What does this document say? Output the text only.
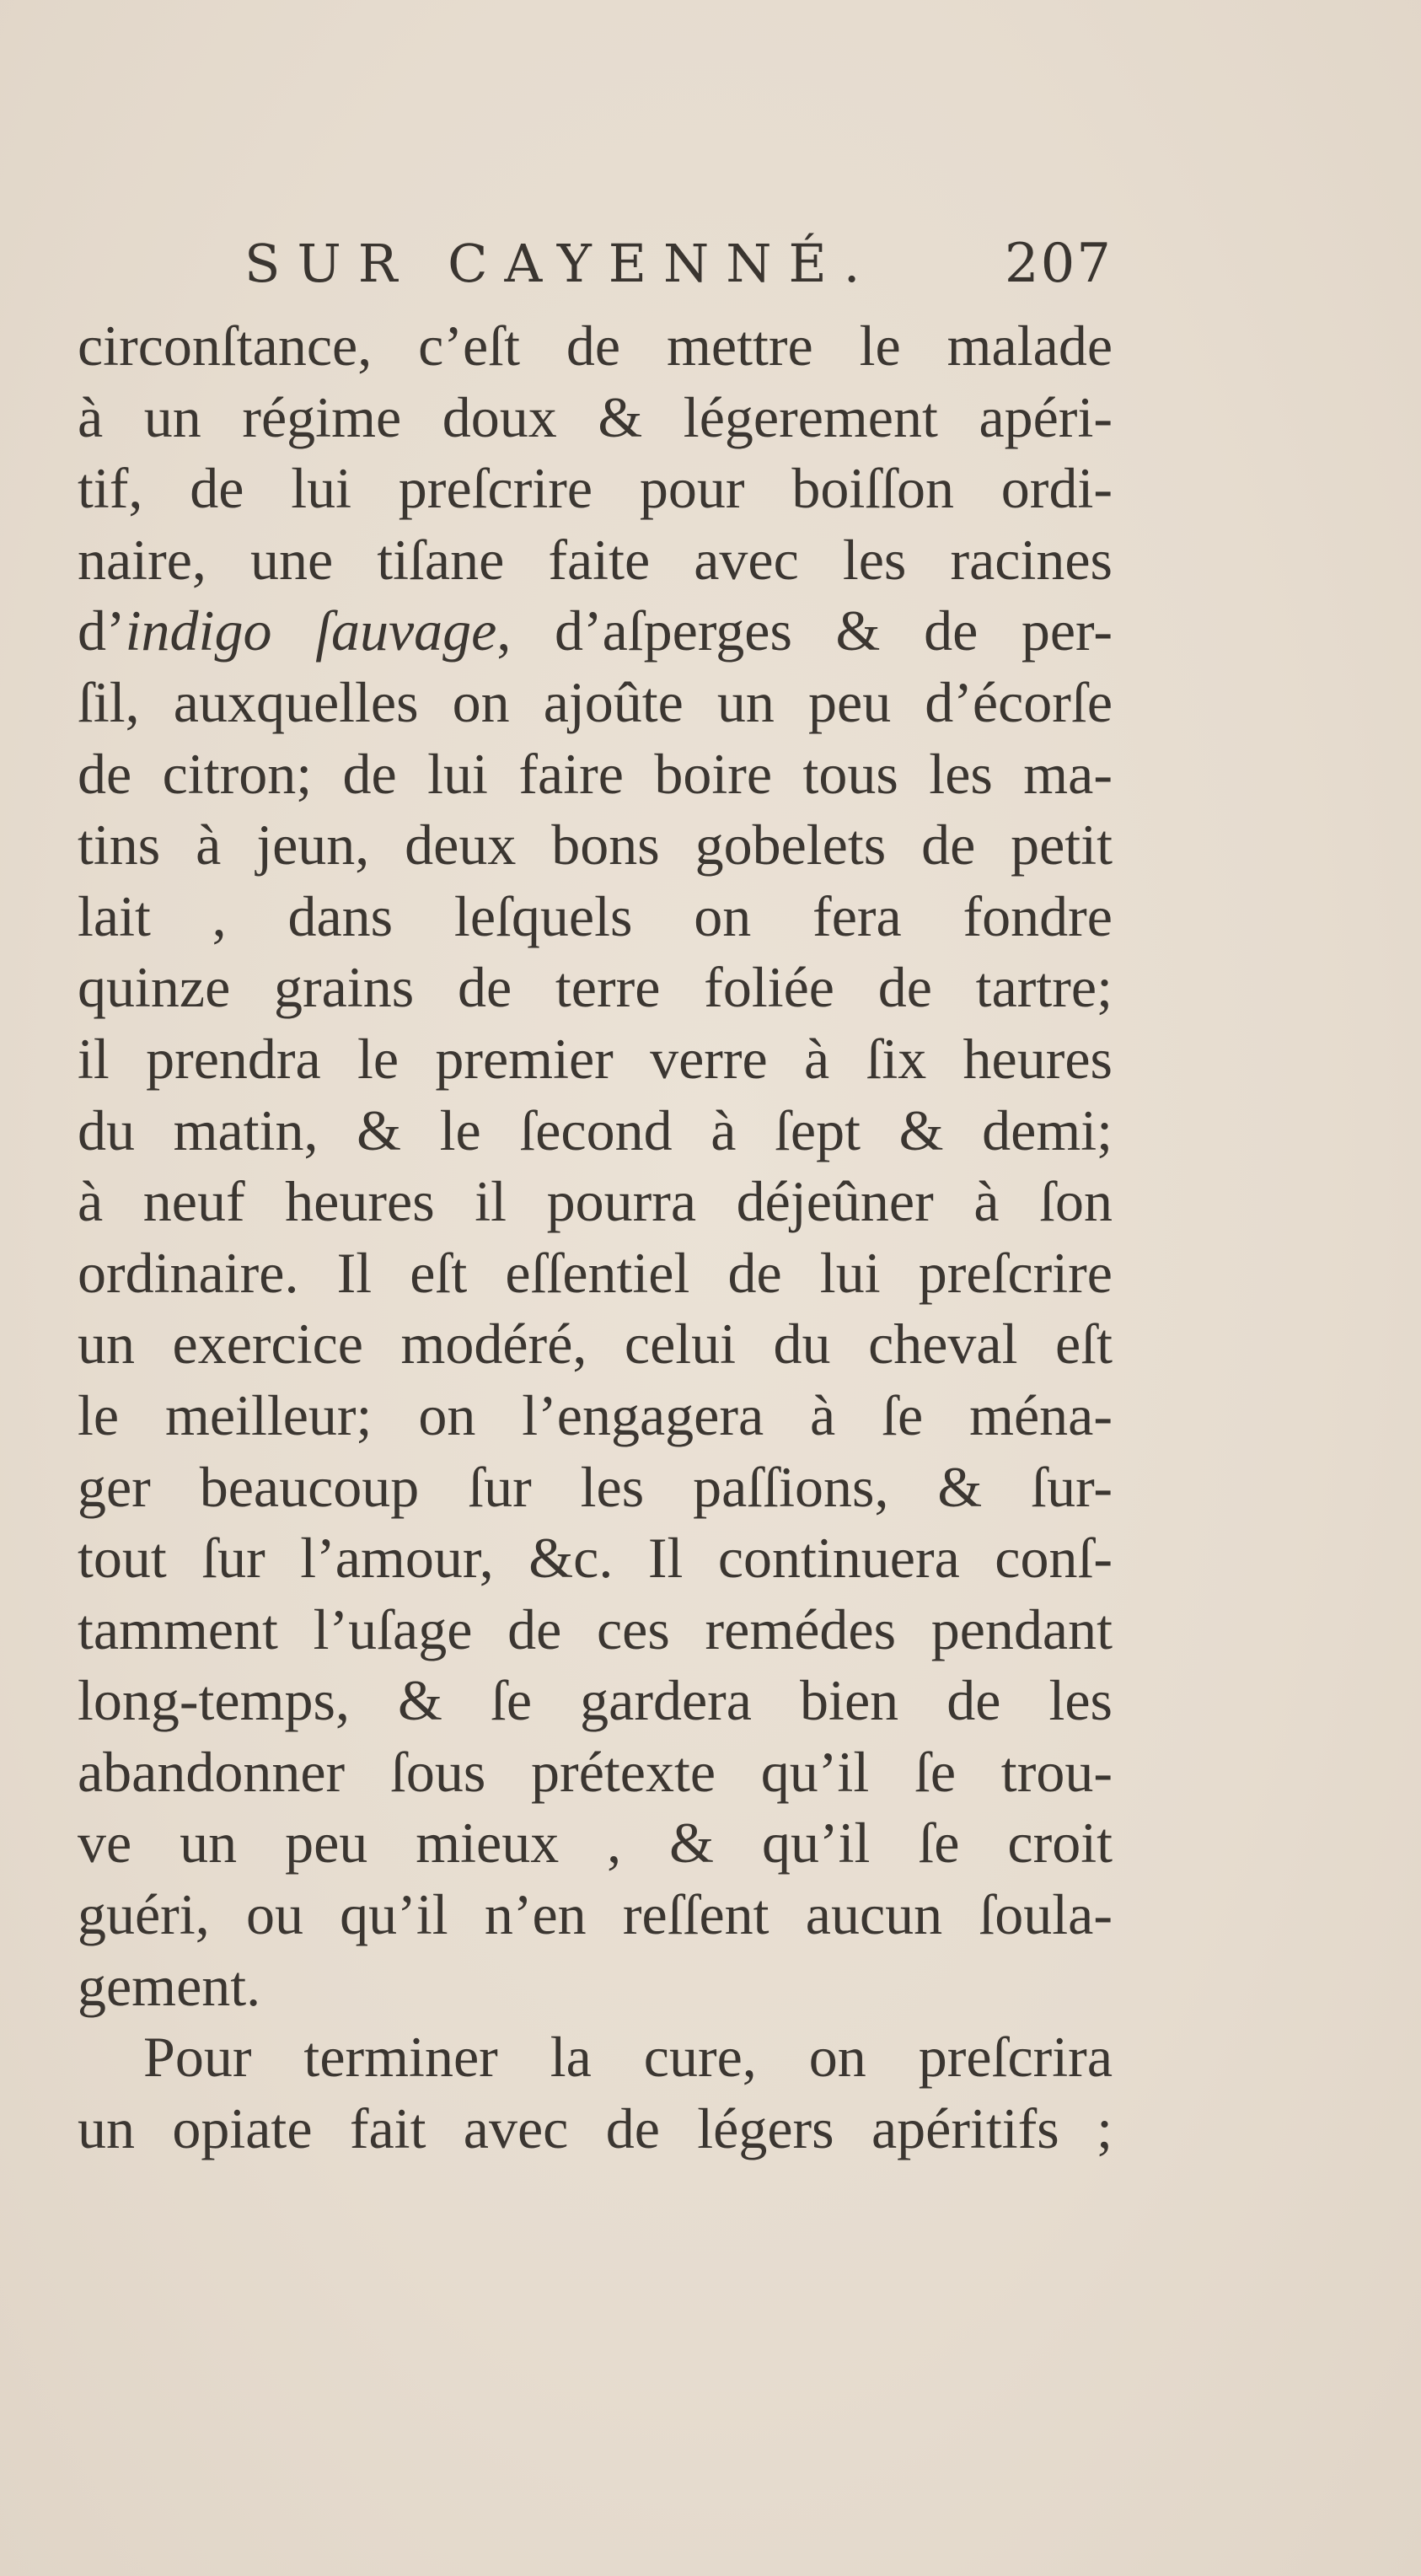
SUR CAYENNÉ. 207
circonſtance, c’eſt de mettre le malade
à un régime doux & légerement apéri-
tif, de lui preſcrire pour boiſſon ordi-
naire, une tiſane faite avec les racines
d’indigo ſauvage, d’aſperges & de per-
ſil, auxquelles on ajoûte un peu d’écorſe
de citron; de lui faire boire tous les ma-
tins à jeun, deux bons gobelets de petit
lait , dans leſquels on fera fondre
quinze grains de terre foliée de tartre;
il prendra le premier verre à ſix heures
du matin, & le ſecond à ſept & demi;
à neuf heures il pourra déjeûner à ſon
ordinaire. Il eſt eſſentiel de lui preſcrire
un exercice modéré, celui du cheval eſt
le meilleur; on l’engagera à ſe ména-
ger beaucoup ſur les paſſions, & ſur-
tout ſur l’amour, &c. Il continuera conſ-
tamment l’uſage de ces remédes pendant
long-temps, & ſe gardera bien de les
abandonner ſous prétexte qu’il ſe trou-
ve un peu mieux , & qu’il ſe croit
guéri, ou qu’il n’en reſſent aucun ſoula-
gement.
Pour terminer la cure, on preſcrira
un opiate fait avec de légers apéritifs ;
